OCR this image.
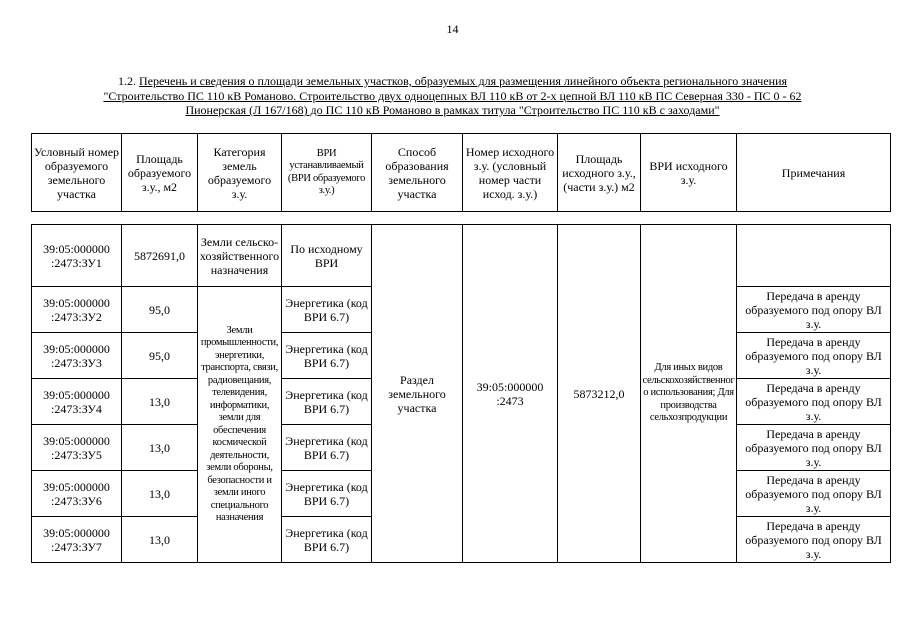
14
1.2. Перечень и сведения о площади земельных участков, образуемых для размещения линейного объекта регионального значения
"Строительство ПС 110 кВ Романово. Строительство двух одноцепных ВЛ 110 кВ от 2-х цепной ВЛ 110 кВ ПС Северная 330 - ПС 0 - 62
Пионерская (Л 167/168) до ПС 110 кВ Романово в рамках титула "Строительство ПС 110 кВ с заходами"
Условный номер образуемого земельного участка	Площадь образуемого з.у., м2	Категория земель образуемого з.у.	ВРИ устанавливаемый (ВРИ образуемого з.у.)	Способ образования земельного участка	Номер исходного з.у. (условный номер части исход. з.у.)	Площадь исходного з.у., (части з.у.) м2	ВРИ исходного з.у.	Примечания
39:05:000000 :2473:ЗУ1	5872691,0	Земли сельско-хозяйственного назначения	По исходному ВРИ	Раздел земельного участка	39:05:000000 :2473	5873212,0	Для иных видов сельскохозяйственного использования; Для производства сельхозпродукции	
39:05:000000 :2473:ЗУ2	95,0	Земли промышленности, энергетики, транспорта, связи, радиовещания, телевидения, информатики, земли для обеспечения космической деятельности, земли обороны, безопасности и земли иного специального назначения	Энергетика (код ВРИ 6.7)					Передача в аренду образуемого под опору ВЛ з.у.
39:05:000000 :2473:ЗУ3	95,0		Энергетика (код ВРИ 6.7)					Передача в аренду образуемого под опору ВЛ з.у.
39:05:000000 :2473:ЗУ4	13,0		Энергетика (код ВРИ 6.7)					Передача в аренду образуемого под опору ВЛ з.у.
39:05:000000 :2473:ЗУ5	13,0		Энергетика (код ВРИ 6.7)					Передача в аренду образуемого под опору ВЛ з.у.
39:05:000000 :2473:ЗУ6	13,0		Энергетика (код ВРИ 6.7)					Передача в аренду образуемого под опору ВЛ з.у.
39:05:000000 :2473:ЗУ7	13,0		Энергетика (код ВРИ 6.7)					Передача в аренду образуемого под опору ВЛ з.у.
